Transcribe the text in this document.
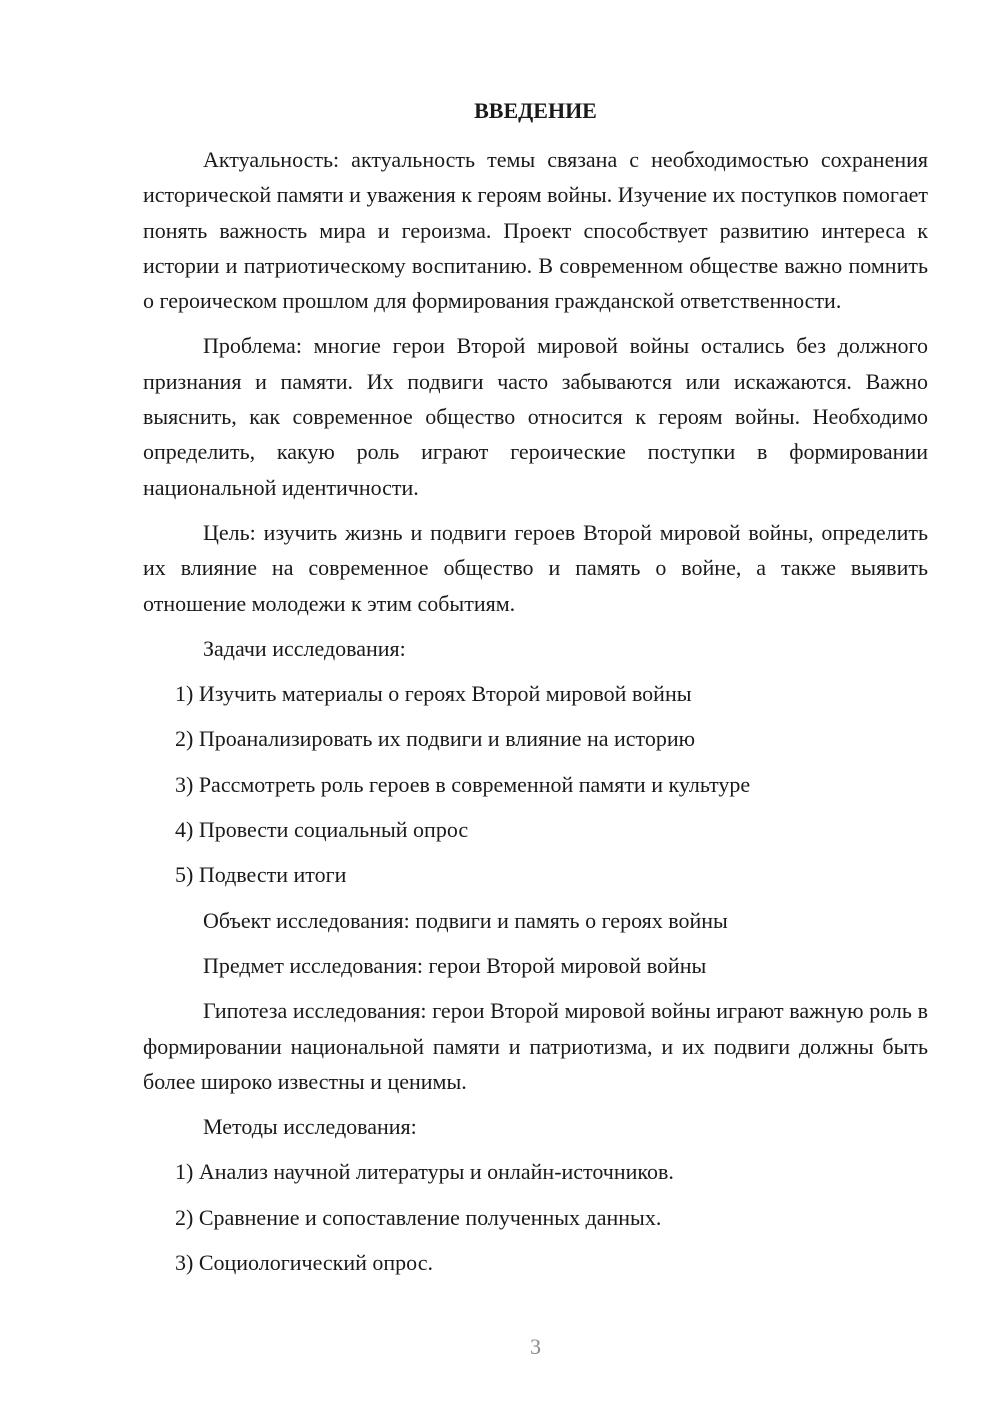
ВВЕДЕНИЕ

Актуальность: актуальность темы связана с необходимостью сохранения исторической памяти и уважения к героям войны. Изучение их поступков помогает понять важность мира и героизма. Проект способствует развитию интереса к истории и патриотическому воспитанию. В современном обществе важно помнить о героическом прошлом для формирования гражданской ответственности.

Проблема: многие герои Второй мировой войны остались без должного признания и памяти. Их подвиги часто забываются или искажаются. Важно выяснить, как современное общество относится к героям войны. Необходимо определить, какую роль играют героические поступки в формировании национальной идентичности.

Цель: изучить жизнь и подвиги героев Второй мировой войны, определить их влияние на современное общество и память о войне, а также выявить отношение молодежи к этим событиям.

Задачи исследования:

1) Изучить материалы о героях Второй мировой войны

2) Проанализировать их подвиги и влияние на историю

3) Рассмотреть роль героев в современной памяти и культуре

4) Провести социальный опрос

5) Подвести итоги

Объект исследования: подвиги и память о героях войны

Предмет исследования: герои Второй мировой войны

Гипотеза исследования: герои Второй мировой войны играют важную роль в формировании национальной памяти и патриотизма, и их подвиги должны быть более широко известны и ценимы.

Методы исследования:

1) Анализ научной литературы и онлайн-источников.

2) Сравнение и сопоставление полученных данных.

3) Социологический опрос.

3
